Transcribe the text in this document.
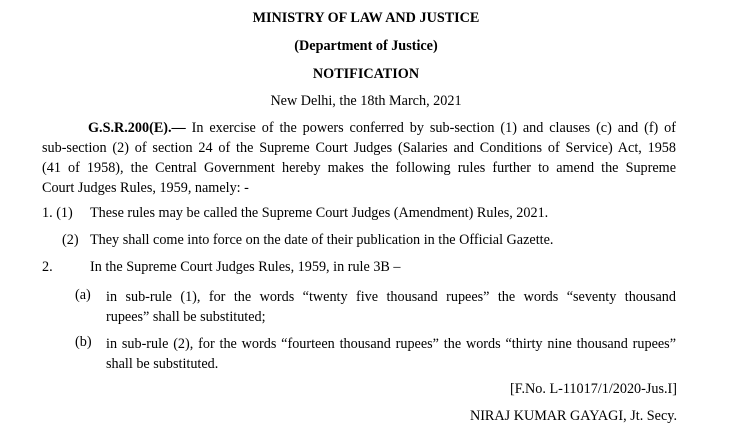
MINISTRY OF LAW AND JUSTICE
(Department of Justice)
NOTIFICATION
New Delhi, the 18th March, 2021
G.S.R.200(E).— In exercise of the powers conferred by sub-section (1) and clauses (c) and (f) of
sub-section (2) of section 24 of the Supreme Court Judges (Salaries and Conditions of Service) Act, 1958
(41 of 1958), the Central Government hereby makes the following rules further to amend the Supreme
Court Judges Rules, 1959, namely: -
1. (1) These rules may be called the Supreme Court Judges (Amendment) Rules, 2021.
(2) They shall come into force on the date of their publication in the Official Gazette.
2.	In the Supreme Court Judges Rules, 1959, in rule 3B –
(a) in sub-rule (1), for the words “twenty five thousand rupees” the words “seventy thousand
rupees” shall be substituted;
(b) in sub-rule (2), for the words “fourteen thousand rupees” the words “thirty nine thousand rupees”
shall be substituted.
[F.No. L-11017/1/2020-Jus.I]
NIRAJ KUMAR GAYAGI, Jt. Secy.
